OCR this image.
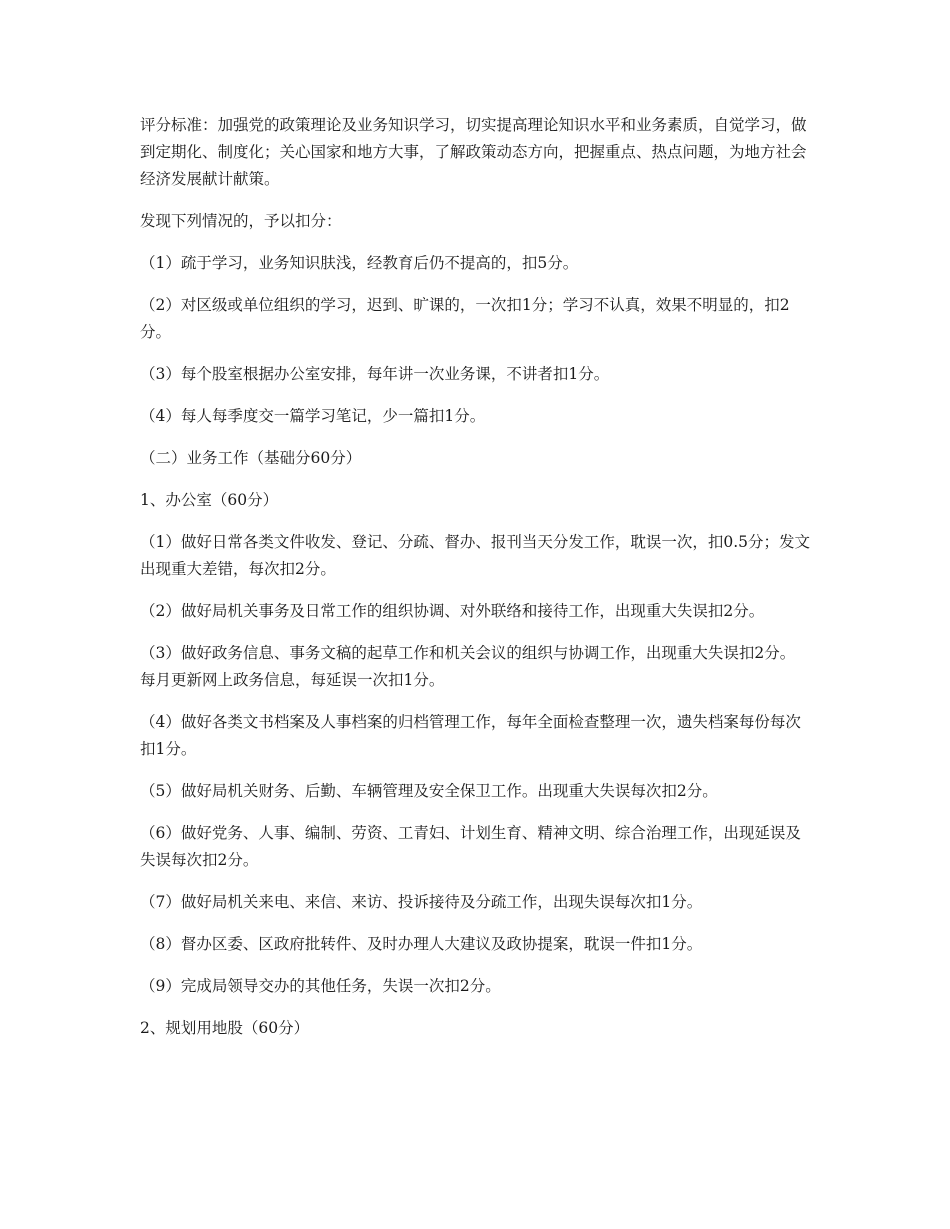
评分标准：加强党的政策理论及业务知识学习，切实提高理论知识水平和业务素质，自觉学习，做到定期化、制度化；关心国家和地方大事，了解政策动态方向，把握重点、热点问题，为地方社会经济发展献计献策。

发现下列情况的，予以扣分：

（1）疏于学习，业务知识肤浅，经教育后仍不提高的，扣5分。

（2）对区级或单位组织的学习，迟到、旷课的，一次扣1分；学习不认真，效果不明显的，扣2分。

（3）每个股室根据办公室安排，每年讲一次业务课，不讲者扣1分。

（4）每人每季度交一篇学习笔记，少一篇扣1分。

（二）业务工作（基础分60分）

1、办公室（60分）

（1）做好日常各类文件收发、登记、分疏、督办、报刊当天分发工作，耽误一次，扣0.5分；发文出现重大差错，每次扣2分。

（2）做好局机关事务及日常工作的组织协调、对外联络和接待工作，出现重大失误扣2分。

（3）做好政务信息、事务文稿的起草工作和机关会议的组织与协调工作，出现重大失误扣2分。每月更新网上政务信息，每延误一次扣1分。

（4）做好各类文书档案及人事档案的归档管理工作，每年全面检查整理一次，遗失档案每份每次扣1分。

（5）做好局机关财务、后勤、车辆管理及安全保卫工作。出现重大失误每次扣2分。

（6）做好党务、人事、编制、劳资、工青妇、计划生育、精神文明、综合治理工作，出现延误及失误每次扣2分。

（7）做好局机关来电、来信、来访、投诉接待及分疏工作，出现失误每次扣1分。

（8）督办区委、区政府批转件、及时办理人大建议及政协提案，耽误一件扣1分。

（9）完成局领导交办的其他任务，失误一次扣2分。

2、规划用地股（60分）
